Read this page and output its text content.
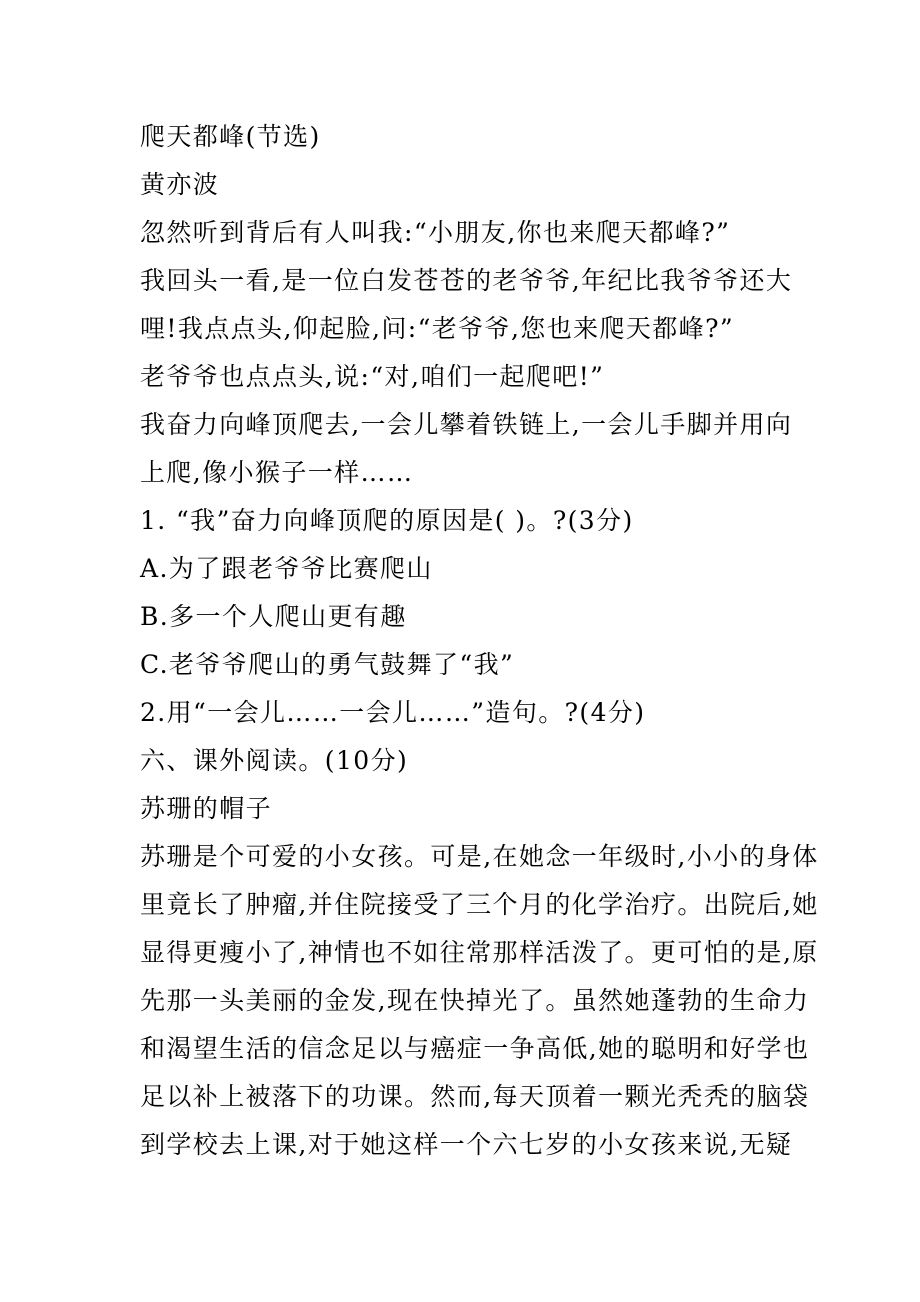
爬天都峰(节选)
黄亦波
忽然听到背后有人叫我:“小朋友,你也来爬天都峰?”
我回头一看,是一位白发苍苍的老爷爷,年纪比我爷爷还大
哩!我点点头,仰起脸,问:“老爷爷,您也来爬天都峰?”
老爷爷也点点头,说:“对,咱们一起爬吧!”
我奋力向峰顶爬去,一会儿攀着铁链上,一会儿手脚并用向
上爬,像小猴子一样……
1. “我”奋力向峰顶爬的原因是( )。?(3分)
A.为了跟老爷爷比赛爬山
B.多一个人爬山更有趣
C.老爷爷爬山的勇气鼓舞了“我”
2.用“一会儿……一会儿……”造句。?(4分)
六、课外阅读。(10分)
苏珊的帽子
苏珊是个可爱的小女孩。可是,在她念一年级时,小小的身体
里竟长了肿瘤,并住院接受了三个月的化学治疗。出院后,她
显得更瘦小了,神情也不如往常那样活泼了。更可怕的是,原
先那一头美丽的金发,现在快掉光了。虽然她蓬勃的生命力
和渴望生活的信念足以与癌症一争高低,她的聪明和好学也
足以补上被落下的功课。然而,每天顶着一颗光秃秃的脑袋
到学校去上课,对于她这样一个六七岁的小女孩来说,无疑
